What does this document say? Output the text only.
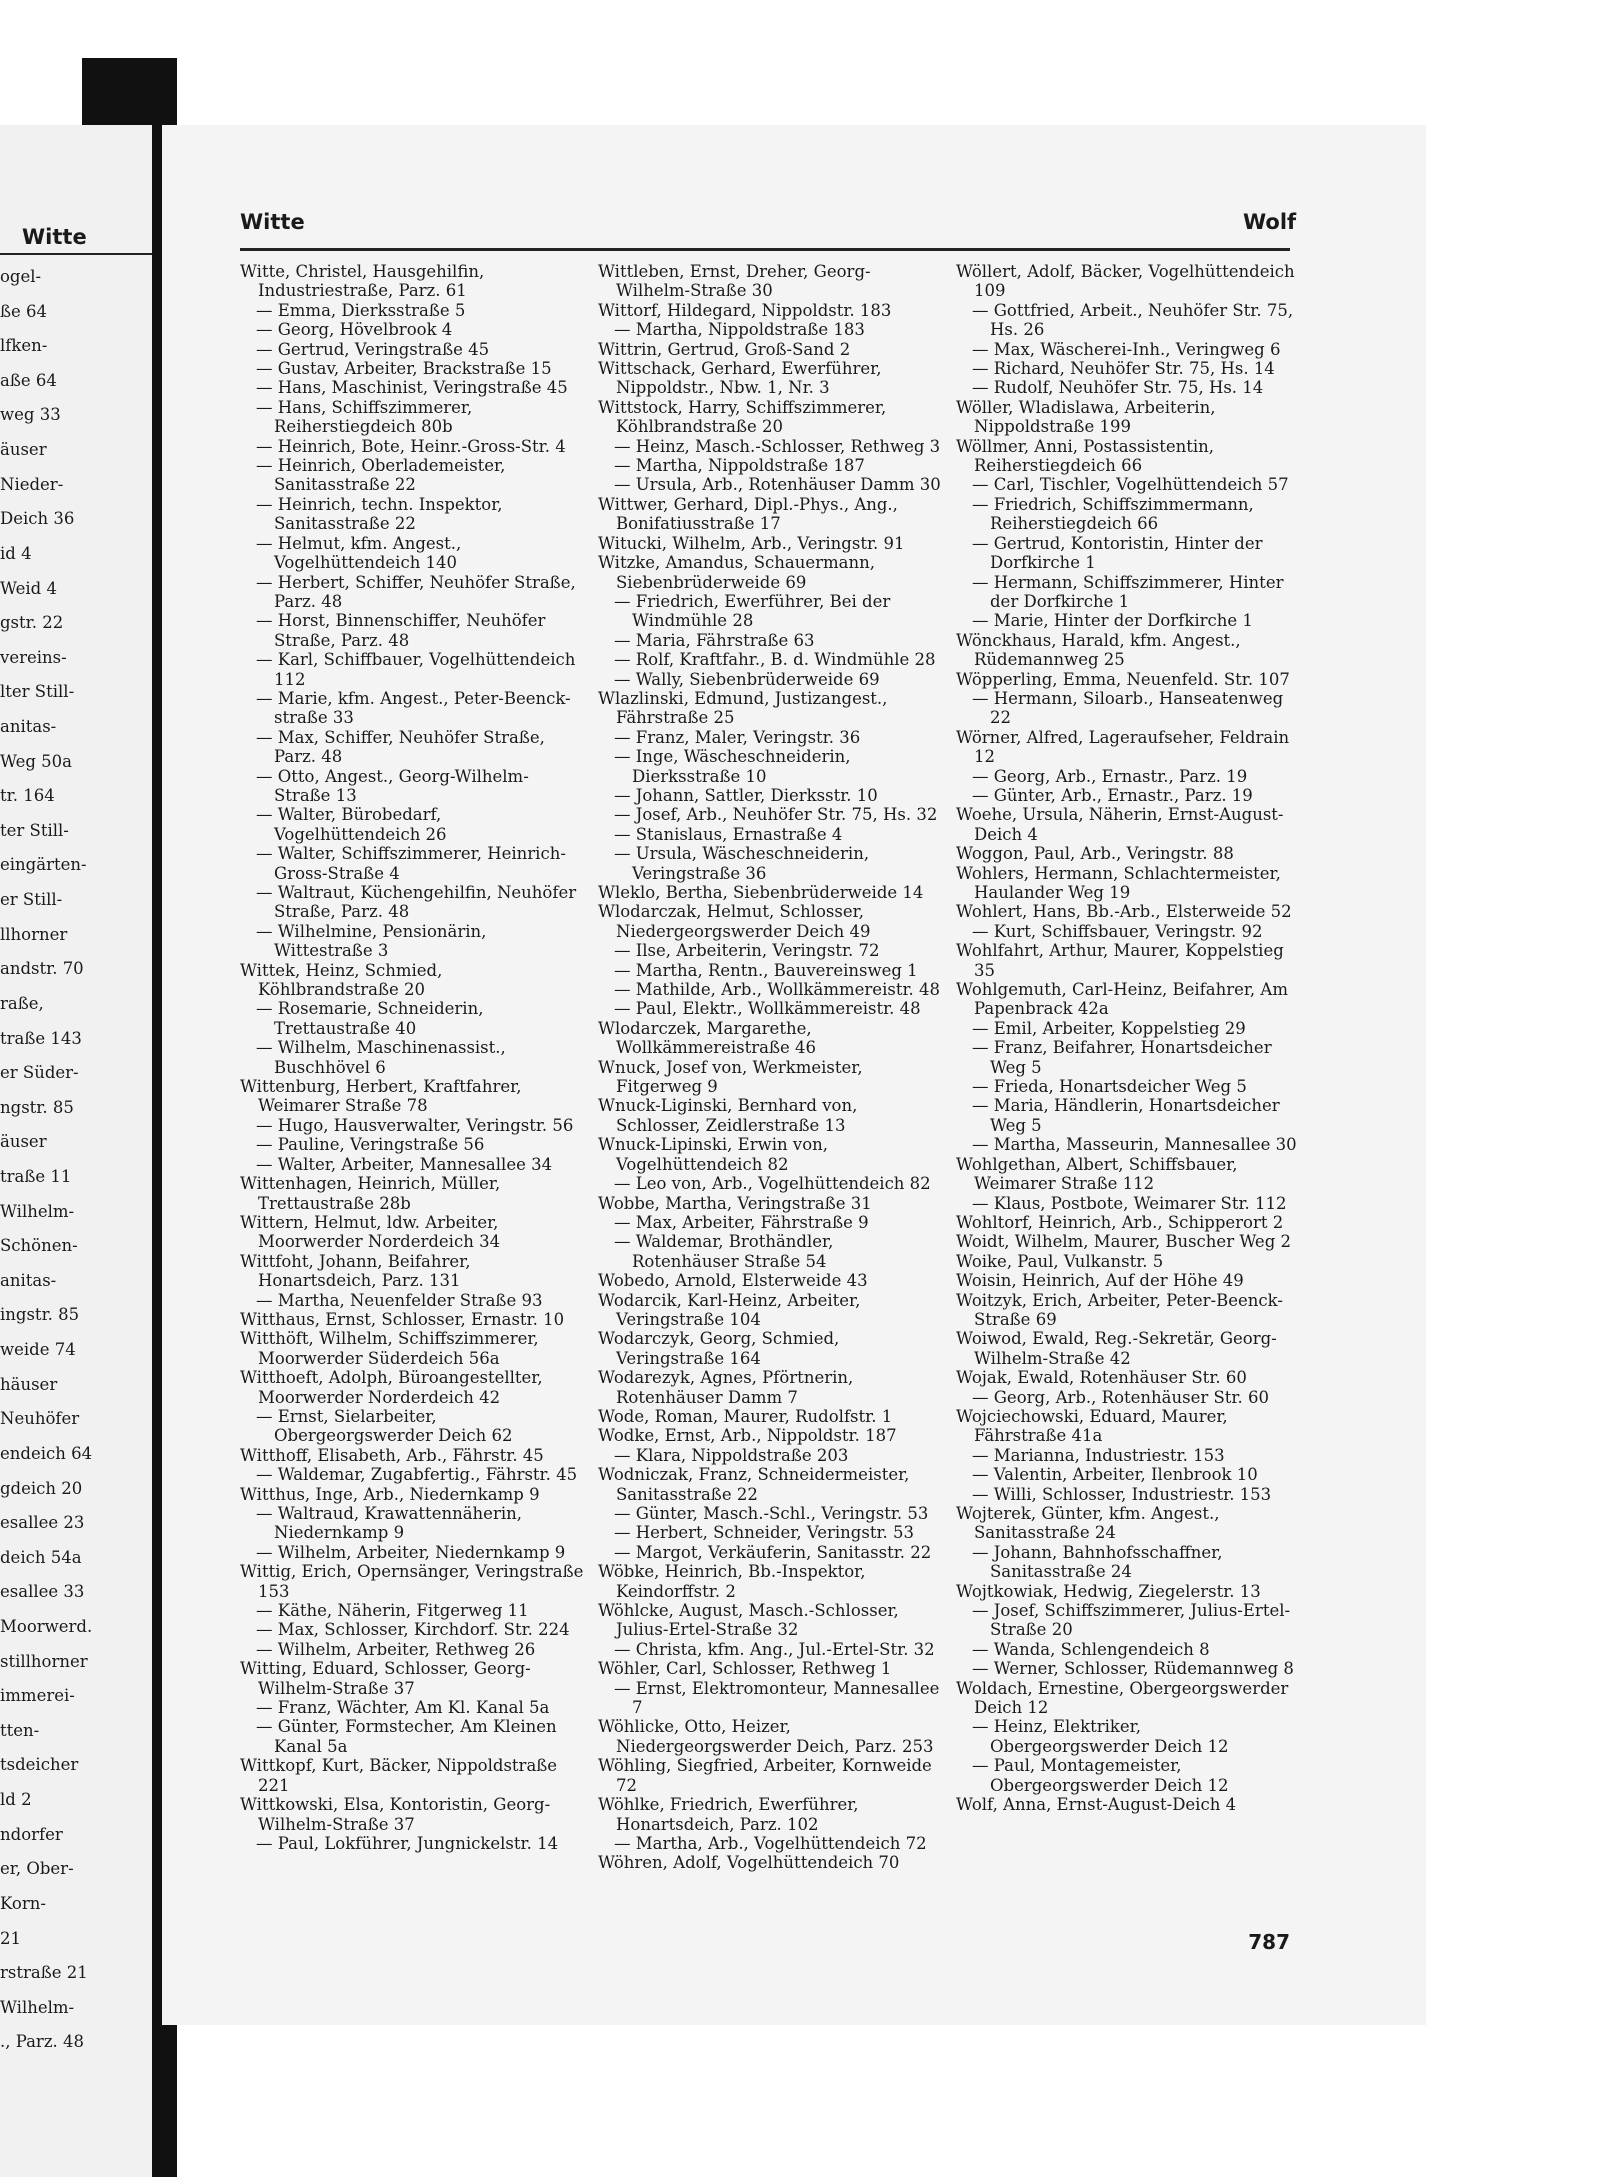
Witte
ogel-
ße 64
lfken-
aße 64
weg 33
äuser
Nieder-
Deich 36
id 4
Weid 4
gstr. 22
vereins-
lter Still-
anitas-
Weg 50a
tr. 164
ter Still-
eingärten-
er Still-
llhorner
andstr. 70
raße,
traße 143
er Süder-
ngstr. 85
äuser
traße 11
Wilhelm-
Schönen-
anitas-
ingstr. 85
weide 74
häuser
Neuhöfer
endeich 64
gdeich 20
esallee 23
deich 54a
esallee 33
Moorwerd.
stillhorner
immerei-
tten-
tsdeicher
ld 2
ndorfer
er, Ober-
Korn-
21
rstraße 21
Wilhelm-
., Parz. 48
Witte	Wolf
Witte, Christel, Hausgehilfin, Industriestraße, Parz. 61
— Emma, Dierksstraße 5
— Georg, Hövelbrook 4
— Gertrud, Veringstraße 45
— Gustav, Arbeiter, Brackstraße 15
— Hans, Maschinist, Veringstraße 45
— Hans, Schiffszimmerer, Reiherstiegdeich 80b
— Heinrich, Bote, Heinr.-Gross-Str. 4
— Heinrich, Oberlademeister, Sanitasstraße 22
— Heinrich, techn. Inspektor, Sanitasstraße 22
— Helmut, kfm. Angest., Vogelhüttendeich 140
— Herbert, Schiffer, Neuhöfer Straße, Parz. 48
— Horst, Binnenschiffer, Neuhöfer Straße, Parz. 48
— Karl, Schiffbauer, Vogelhüttendeich 112
— Marie, kfm. Angest., Peter-Beenck-straße 33
— Max, Schiffer, Neuhöfer Straße, Parz. 48
— Otto, Angest., Georg-Wilhelm-Straße 13
— Walter, Bürobedarf, Vogelhüttendeich 26
— Walter, Schiffszimmerer, Heinrich-Gross-Straße 4
— Waltraut, Küchengehilfin, Neuhöfer Straße, Parz. 48
— Wilhelmine, Pensionärin, Wittestraße 3
Wittek, Heinz, Schmied, Köhlbrandstraße 20
— Rosemarie, Schneiderin, Trettaustraße 40
— Wilhelm, Maschinenassist., Buschhövel 6
Wittenburg, Herbert, Kraftfahrer, Weimarer Straße 78
— Hugo, Hausverwalter, Veringstr. 56
— Pauline, Veringstraße 56
— Walter, Arbeiter, Mannesallee 34
Wittenhagen, Heinrich, Müller, Trettaustraße 28b
Wittern, Helmut, ldw. Arbeiter, Moorwerder Norderdeich 34
Wittfoht, Johann, Beifahrer, Honartsdeich, Parz. 131
— Martha, Neuenfelder Straße 93
Witthaus, Ernst, Schlosser, Ernastr. 10
Witthöft, Wilhelm, Schiffszimmerer, Moorwerder Süderdeich 56a
Witthoeft, Adolph, Büroangestellter, Moorwerder Norderdeich 42
— Ernst, Sielarbeiter, Obergeorgswerder Deich 62
Witthoff, Elisabeth, Arb., Fährstr. 45
— Waldemar, Zugabfertig., Fährstr. 45
Witthus, Inge, Arb., Niedernkamp 9
— Waltraud, Krawattennäherin, Niedernkamp 9
— Wilhelm, Arbeiter, Niedernkamp 9
Wittig, Erich, Opernsänger, Veringstraße 153
— Käthe, Näherin, Fitgerweg 11
— Max, Schlosser, Kirchdorf. Str. 224
— Wilhelm, Arbeiter, Rethweg 26
Witting, Eduard, Schlosser, Georg-Wilhelm-Straße 37
— Franz, Wächter, Am Kl. Kanal 5a
— Günter, Formstecher, Am Kleinen Kanal 5a
Wittkopf, Kurt, Bäcker, Nippoldstraße 221
Wittkowski, Elsa, Kontoristin, Georg-Wilhelm-Straße 37
— Paul, Lokführer, Jungnickelstr. 14
Wittleben, Ernst, Dreher, Georg-Wilhelm-Straße 30
Wittorf, Hildegard, Nippoldstr. 183
— Martha, Nippoldstraße 183
Wittrin, Gertrud, Groß-Sand 2
Wittschack, Gerhard, Ewerführer, Nippoldstr., Nbw. 1, Nr. 3
Wittstock, Harry, Schiffszimmerer, Köhlbrandstraße 20
— Heinz, Masch.-Schlosser, Rethweg 3
— Martha, Nippoldstraße 187
— Ursula, Arb., Rotenhäuser Damm 30
Wittwer, Gerhard, Dipl.-Phys., Ang., Bonifatiusstraße 17
Witucki, Wilhelm, Arb., Veringstr. 91
Witzke, Amandus, Schauermann, Siebenbrüderweide 69
— Friedrich, Ewerführer, Bei der Windmühle 28
— Maria, Fährstraße 63
— Rolf, Kraftfahr., B. d. Windmühle 28
— Wally, Siebenbrüderweide 69
Wlazlinski, Edmund, Justizangest., Fährstraße 25
— Franz, Maler, Veringstr. 36
— Inge, Wäscheschneiderin, Dierksstraße 10
— Johann, Sattler, Dierksstr. 10
— Josef, Arb., Neuhöfer Str. 75, Hs. 32
— Stanislaus, Ernastraße 4
— Ursula, Wäscheschneiderin, Veringstraße 36
Wleklo, Bertha, Siebenbrüderweide 14
Wlodarczak, Helmut, Schlosser, Niedergeorgswerder Deich 49
— Ilse, Arbeiterin, Veringstr. 72
— Martha, Rentn., Bauvereinsweg 1
— Mathilde, Arb., Wollkämmereistr. 48
— Paul, Elektr., Wollkämmereistr. 48
Wlodarczek, Margarethe, Wollkämmereistraße 46
Wnuck, Josef von, Werkmeister, Fitgerweg 9
Wnuck-Liginski, Bernhard von, Schlosser, Zeidlerstraße 13
Wnuck-Lipinski, Erwin von, Vogelhüttendeich 82
— Leo von, Arb., Vogelhüttendeich 82
Wobbe, Martha, Veringstraße 31
— Max, Arbeiter, Fährstraße 9
— Waldemar, Brothändler, Rotenhäuser Straße 54
Wobedo, Arnold, Elsterweide 43
Wodarcik, Karl-Heinz, Arbeiter, Veringstraße 104
Wodarczyk, Georg, Schmied, Veringstraße 164
Wodarezyk, Agnes, Pförtnerin, Rotenhäuser Damm 7
Wode, Roman, Maurer, Rudolfstr. 1
Wodke, Ernst, Arb., Nippoldstr. 187
— Klara, Nippoldstraße 203
Wodniczak, Franz, Schneidermeister, Sanitasstraße 22
— Günter, Masch.-Schl., Veringstr. 53
— Herbert, Schneider, Veringstr. 53
— Margot, Verkäuferin, Sanitasstr. 22
Wöbke, Heinrich, Bb.-Inspektor, Keindorffstr. 2
Wöhlcke, August, Masch.-Schlosser, Julius-Ertel-Straße 32
— Christa, kfm. Ang., Jul.-Ertel-Str. 32
Wöhler, Carl, Schlosser, Rethweg 1
— Ernst, Elektromonteur, Mannesallee 7
Wöhlicke, Otto, Heizer, Niedergeorgswerder Deich, Parz. 253
Wöhling, Siegfried, Arbeiter, Kornweide 72
Wöhlke, Friedrich, Ewerführer, Honartsdeich, Parz. 102
— Martha, Arb., Vogelhüttendeich 72
Wöhren, Adolf, Vogelhüttendeich 70
Wöllert, Adolf, Bäcker, Vogelhüttendeich 109
— Gottfried, Arbeit., Neuhöfer Str. 75, Hs. 26
— Max, Wäscherei-Inh., Veringweg 6
— Richard, Neuhöfer Str. 75, Hs. 14
— Rudolf, Neuhöfer Str. 75, Hs. 14
Wöller, Wladislawa, Arbeiterin, Nippoldstraße 199
Wöllmer, Anni, Postassistentin, Reiherstiegdeich 66
— Carl, Tischler, Vogelhüttendeich 57
— Friedrich, Schiffszimmermann, Reiherstiegdeich 66
— Gertrud, Kontoristin, Hinter der Dorfkirche 1
— Hermann, Schiffszimmerer, Hinter der Dorfkirche 1
— Marie, Hinter der Dorfkirche 1
Wönckhaus, Harald, kfm. Angest., Rüdemannweg 25
Wöpperling, Emma, Neuenfeld. Str. 107
— Hermann, Siloarb., Hanseatenweg 22
Wörner, Alfred, Lageraufseher, Feldrain 12
— Georg, Arb., Ernastr., Parz. 19
— Günter, Arb., Ernastr., Parz. 19
Woehe, Ursula, Näherin, Ernst-August-Deich 4
Woggon, Paul, Arb., Veringstr. 88
Wohlers, Hermann, Schlachtermeister, Haulander Weg 19
Wohlert, Hans, Bb.-Arb., Elsterweide 52
— Kurt, Schiffsbauer, Veringstr. 92
Wohlfahrt, Arthur, Maurer, Koppelstieg 35
Wohlgemuth, Carl-Heinz, Beifahrer, Am Papenbrack 42a
— Emil, Arbeiter, Koppelstieg 29
— Franz, Beifahrer, Honartsdeicher Weg 5
— Frieda, Honartsdeicher Weg 5
— Maria, Händlerin, Honartsdeicher Weg 5
— Martha, Masseurin, Mannesallee 30
Wohlgethan, Albert, Schiffsbauer, Weimarer Straße 112
— Klaus, Postbote, Weimarer Str. 112
Wohltorf, Heinrich, Arb., Schipperort 2
Woidt, Wilhelm, Maurer, Buscher Weg 2
Woike, Paul, Vulkanstr. 5
Woisin, Heinrich, Auf der Höhe 49
Woitzyk, Erich, Arbeiter, Peter-Beenck-Straße 69
Woiwod, Ewald, Reg.-Sekretär, Georg-Wilhelm-Straße 42
Wojak, Ewald, Rotenhäuser Str. 60
— Georg, Arb., Rotenhäuser Str. 60
Wojciechowski, Eduard, Maurer, Fährstraße 41a
— Marianna, Industriestr. 153
— Valentin, Arbeiter, Ilenbrook 10
— Willi, Schlosser, Industriestr. 153
Wojterek, Günter, kfm. Angest., Sanitasstraße 24
— Johann, Bahnhofsschaffner, Sanitasstraße 24
Wojtkowiak, Hedwig, Ziegelerstr. 13
— Josef, Schiffszimmerer, Julius-Ertel-Straße 20
— Wanda, Schlengendeich 8
— Werner, Schlosser, Rüdemannweg 8
Woldach, Ernestine, Obergeorgswerder Deich 12
— Heinz, Elektriker, Obergeorgswerder Deich 12
— Paul, Montagemeister, Obergeorgswerder Deich 12
Wolf, Anna, Ernst-August-Deich 4
787
